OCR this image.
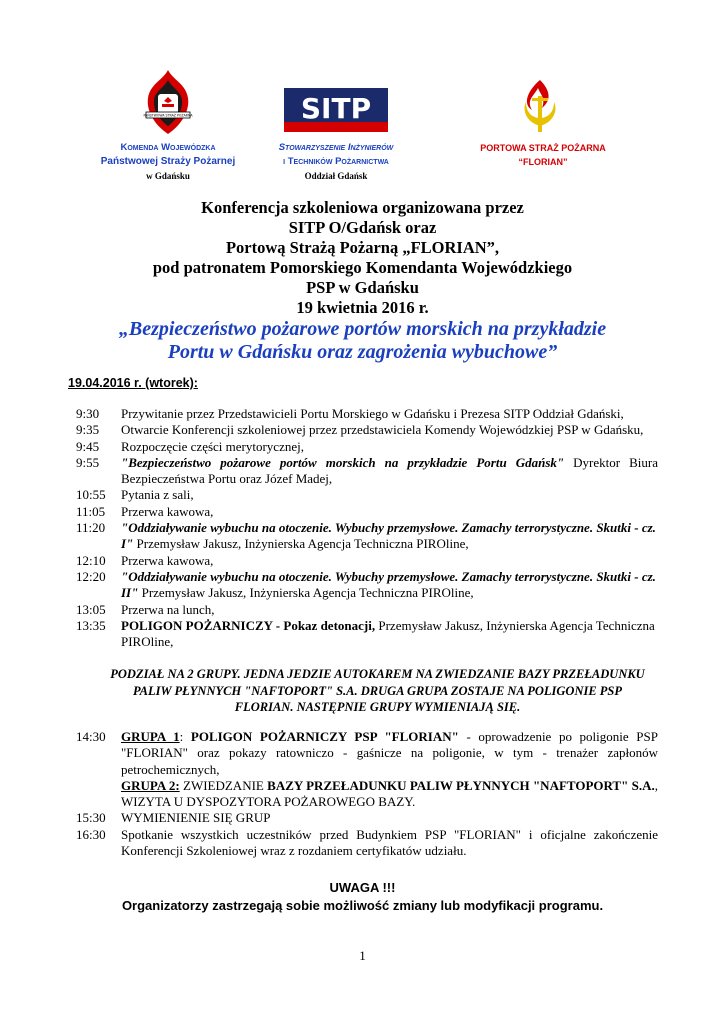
PAŃSTWOWA STRAŻ POŻARNA	SITP
Komenda Wojewódzka
Państwowej Straży Pożarnej
w Gdańsku
Stowarzyszenie Inżynierów
i Techników Pożarnictwa
Oddział Gdańsk
PORTOWA STRAŻ POŻARNA
“FLORIAN”
Konferencja szkoleniowa organizowana przez
SITP O/Gdańsk oraz
Portową Strażą Pożarną „FLORIAN”,
pod patronatem Pomorskiego Komendanta Wojewódzkiego
PSP w Gdańsku
19 kwietnia 2016 r.
„Bezpieczeństwo pożarowe portów morskich na przykładzie
Portu w Gdańsku oraz zagrożenia wybuchowe”
19.04.2016 r. (wtorek):
9:30	Przywitanie przez Przedstawicieli Portu Morskiego w Gdańsku i Prezesa SITP Oddział Gdański,
9:35	Otwarcie Konferencji szkoleniowej przez przedstawiciela Komendy Wojewódzkiej PSP w Gdańsku,
9:45	Rozpoczęcie części merytorycznej,
9:55	"Bezpieczeństwo pożarowe portów morskich na przykładzie Portu Gdańsk" Dyrektor Biura Bezpieczeństwa Portu oraz Józef Madej,
10:55	Pytania z sali,
11:05	Przerwa kawowa,
11:20	"Oddziaływanie wybuchu na otoczenie. Wybuchy przemysłowe. Zamachy terrorystyczne. Skutki - cz. I" Przemysław Jakusz, Inżynierska Agencja Techniczna PIROline,
12:10	Przerwa kawowa,
12:20	"Oddziaływanie wybuchu na otoczenie. Wybuchy przemysłowe. Zamachy terrorystyczne. Skutki - cz. II" Przemysław Jakusz, Inżynierska Agencja Techniczna PIROline,
13:05	Przerwa na lunch,
13:35	POLIGON POŻARNICZY - Pokaz detonacji, Przemysław Jakusz, Inżynierska Agencja Techniczna PIROline,
PODZIAŁ NA 2 GRUPY. JEDNA JEDZIE AUTOKAREM NA ZWIEDZANIE BAZY PRZEŁADUNKU PALIW PŁYNNYCH "NAFTOPORT" S.A. DRUGA GRUPA ZOSTAJE NA POLIGONIE PSP FLORIAN. NASTĘPNIE GRUPY WYMIENIAJĄ SIĘ.
14:30	GRUPA 1: POLIGON POŻARNICZY PSP "FLORIAN" - oprowadzenie po poligonie PSP "FLORIAN" oraz pokazy ratowniczo - gaśnicze na poligonie, w tym - trenażer zapłonów petrochemicznych,
GRUPA 2: ZWIEDZANIE BAZY PRZEŁADUNKU PALIW PŁYNNYCH "NAFTOPORT" S.A., WIZYTA U DYSPOZYTORA POŻAROWEGO BAZY.
15:30	WYMIENIENIE SIĘ GRUP
16:30	Spotkanie wszystkich uczestników przed Budynkiem PSP "FLORIAN" i oficjalne zakończenie Konferencji Szkoleniowej wraz z rozdaniem certyfikatów udziału.
UWAGA !!!
Organizatorzy zastrzegają sobie możliwość zmiany lub modyfikacji programu.
1
